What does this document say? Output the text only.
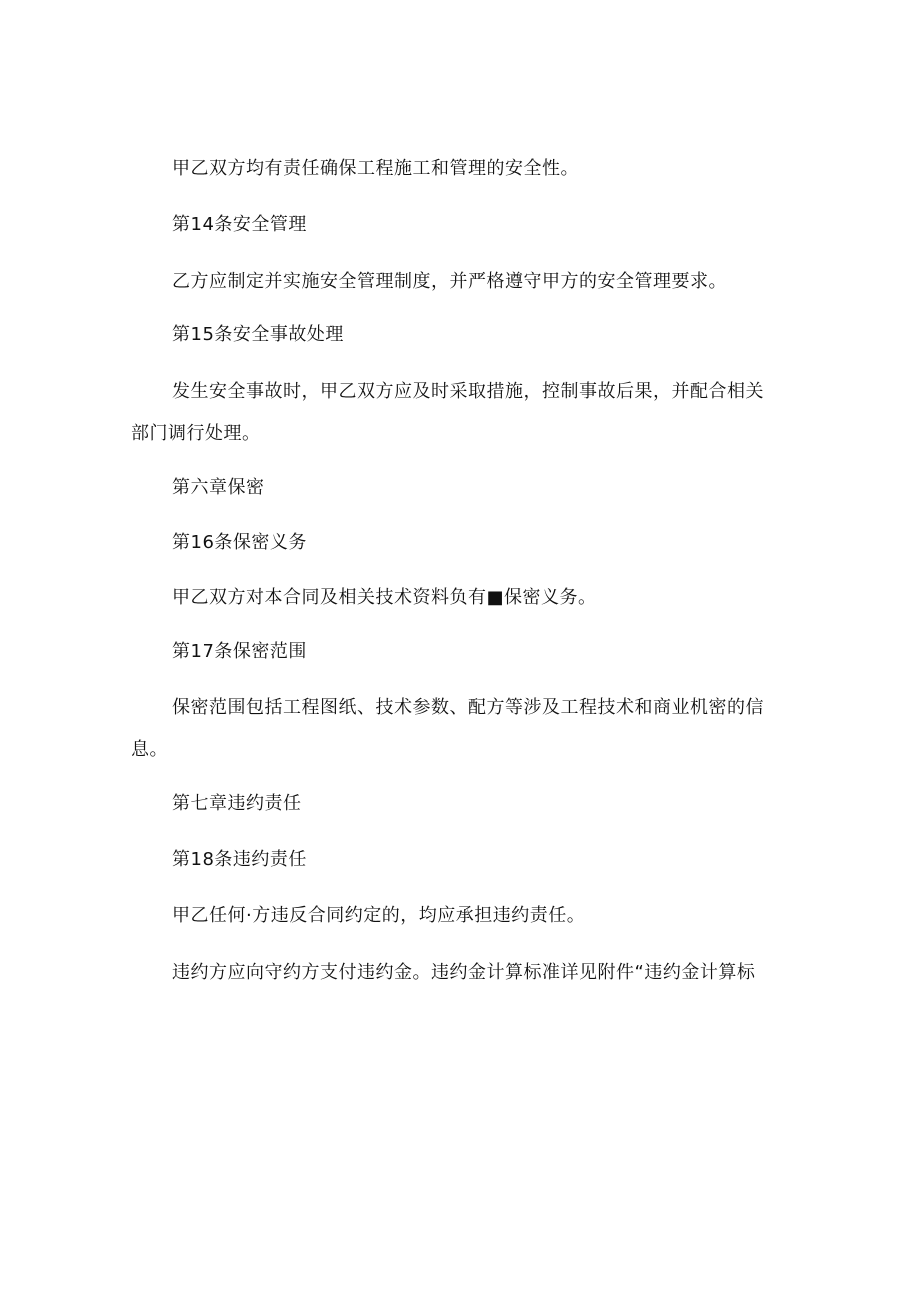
甲乙双方均有责任确保工程施工和管理的安全性。
第14条安全管理
乙方应制定并实施安全管理制度，并严格遵守甲方的安全管理要求。
第15条安全事故处理
发生安全事故时，甲乙双方应及时采取措施，控制事故后果，并配合相关
部门调行处理。
第六章保密
第16条保密义务
甲乙双方对本合同及相关技术资料负有■保密义务。
第17条保密范围
保密范围包括工程图纸、技术参数、配方等涉及工程技术和商业机密的信
息。
第七章违约责任
第18条违约责任
甲乙任何·方违反合同约定的，均应承担违约责任。
违约方应向守约方支付违约金。违约金计算标准详见附件“违约金计算标
